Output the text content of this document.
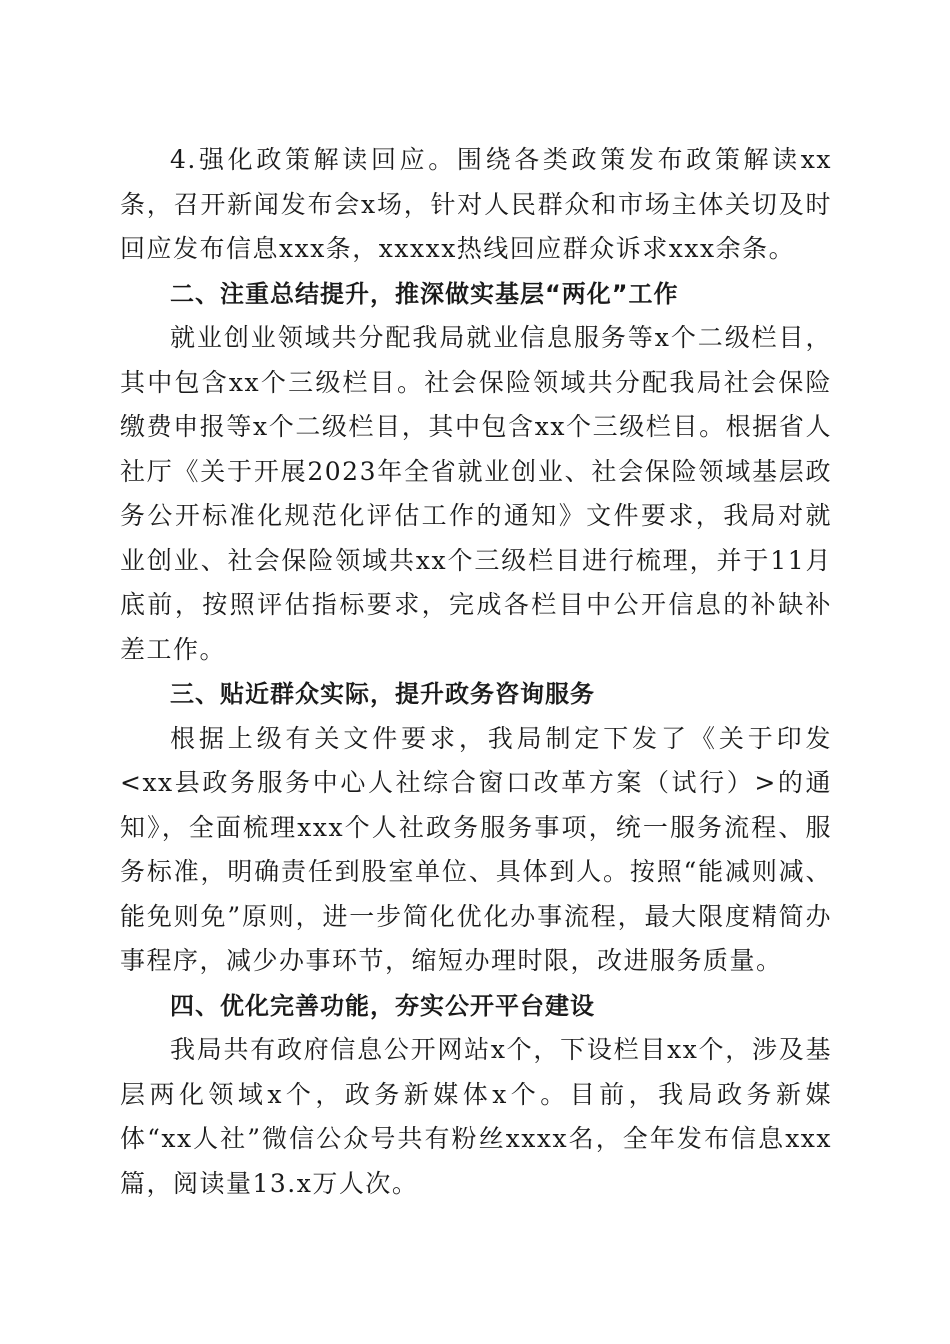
4.强化政策解读回应。围绕各类政策发布政策解读xx条，召开新闻发布会x场，针对人民群众和市场主体关切及时回应发布信息xxx条，xxxxx热线回应群众诉求xxx余条。

二、注重总结提升，推深做实基层“两化”工作

就业创业领域共分配我局就业信息服务等x个二级栏目，其中包含xx个三级栏目。社会保险领域共分配我局社会保险缴费申报等x个二级栏目，其中包含xx个三级栏目。根据省人社厅《关于开展2023年全省就业创业、社会保险领域基层政务公开标准化规范化评估工作的通知》文件要求，我局对就业创业、社会保险领域共xx个三级栏目进行梳理，并于11月底前，按照评估指标要求，完成各栏目中公开信息的补缺补差工作。

三、贴近群众实际，提升政务咨询服务

根据上级有关文件要求，我局制定下发了《关于印发<xx县政务服务中心人社综合窗口改革方案（试行）>的通知》，全面梳理xxx个人社政务服务事项，统一服务流程、服务标准，明确责任到股室单位、具体到人。按照“能减则减、能免则免”原则，进一步简化优化办事流程，最大限度精简办事程序，减少办事环节，缩短办理时限，改进服务质量。

四、优化完善功能，夯实公开平台建设

我局共有政府信息公开网站x个，下设栏目xx个，涉及基层两化领域x个，政务新媒体x个。目前，我局政务新媒体“xx人社”微信公众号共有粉丝xxxx名，全年发布信息xxx篇，阅读量13.x万人次。
